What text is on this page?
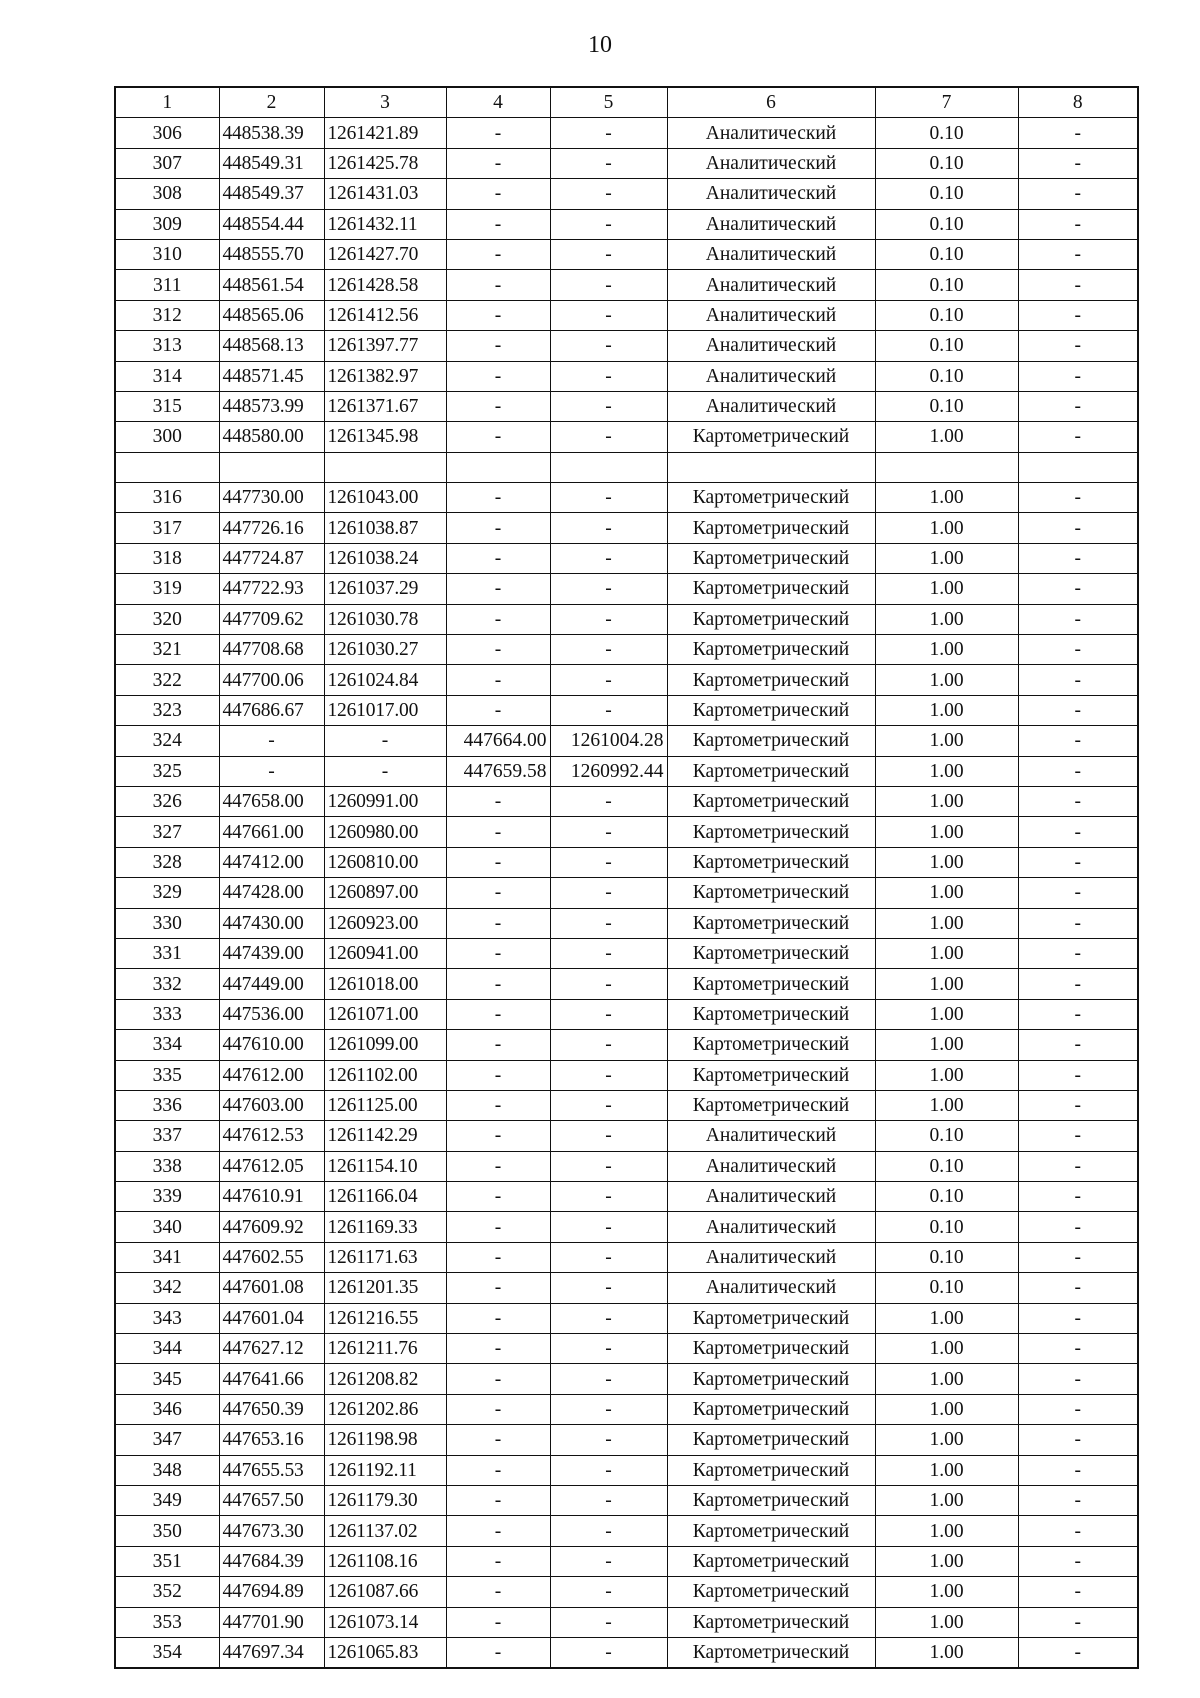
10
1	2	3	4	5	6	7	8
306	448538.39	1261421.89	-	-	Аналитический	0.10	-
307	448549.31	1261425.78	-	-	Аналитический	0.10	-
308	448549.37	1261431.03	-	-	Аналитический	0.10	-
309	448554.44	1261432.11	-	-	Аналитический	0.10	-
310	448555.70	1261427.70	-	-	Аналитический	0.10	-
311	448561.54	1261428.58	-	-	Аналитический	0.10	-
312	448565.06	1261412.56	-	-	Аналитический	0.10	-
313	448568.13	1261397.77	-	-	Аналитический	0.10	-
314	448571.45	1261382.97	-	-	Аналитический	0.10	-
315	448573.99	1261371.67	-	-	Аналитический	0.10	-
300	448580.00	1261345.98	-	-	Картометрический	1.00	-

316	447730.00	1261043.00	-	-	Картометрический	1.00	-
317	447726.16	1261038.87	-	-	Картометрический	1.00	-
318	447724.87	1261038.24	-	-	Картометрический	1.00	-
319	447722.93	1261037.29	-	-	Картометрический	1.00	-
320	447709.62	1261030.78	-	-	Картометрический	1.00	-
321	447708.68	1261030.27	-	-	Картометрический	1.00	-
322	447700.06	1261024.84	-	-	Картометрический	1.00	-
323	447686.67	1261017.00	-	-	Картометрический	1.00	-
324	-	-	447664.00	1261004.28	Картометрический	1.00	-
325	-	-	447659.58	1260992.44	Картометрический	1.00	-
326	447658.00	1260991.00	-	-	Картометрический	1.00	-
327	447661.00	1260980.00	-	-	Картометрический	1.00	-
328	447412.00	1260810.00	-	-	Картометрический	1.00	-
329	447428.00	1260897.00	-	-	Картометрический	1.00	-
330	447430.00	1260923.00	-	-	Картометрический	1.00	-
331	447439.00	1260941.00	-	-	Картометрический	1.00	-
332	447449.00	1261018.00	-	-	Картометрический	1.00	-
333	447536.00	1261071.00	-	-	Картометрический	1.00	-
334	447610.00	1261099.00	-	-	Картометрический	1.00	-
335	447612.00	1261102.00	-	-	Картометрический	1.00	-
336	447603.00	1261125.00	-	-	Картометрический	1.00	-
337	447612.53	1261142.29	-	-	Аналитический	0.10	-
338	447612.05	1261154.10	-	-	Аналитический	0.10	-
339	447610.91	1261166.04	-	-	Аналитический	0.10	-
340	447609.92	1261169.33	-	-	Аналитический	0.10	-
341	447602.55	1261171.63	-	-	Аналитический	0.10	-
342	447601.08	1261201.35	-	-	Аналитический	0.10	-
343	447601.04	1261216.55	-	-	Картометрический	1.00	-
344	447627.12	1261211.76	-	-	Картометрический	1.00	-
345	447641.66	1261208.82	-	-	Картометрический	1.00	-
346	447650.39	1261202.86	-	-	Картометрический	1.00	-
347	447653.16	1261198.98	-	-	Картометрический	1.00	-
348	447655.53	1261192.11	-	-	Картометрический	1.00	-
349	447657.50	1261179.30	-	-	Картометрический	1.00	-
350	447673.30	1261137.02	-	-	Картометрический	1.00	-
351	447684.39	1261108.16	-	-	Картометрический	1.00	-
352	447694.89	1261087.66	-	-	Картометрический	1.00	-
353	447701.90	1261073.14	-	-	Картометрический	1.00	-
354	447697.34	1261065.83	-	-	Картометрический	1.00	-
